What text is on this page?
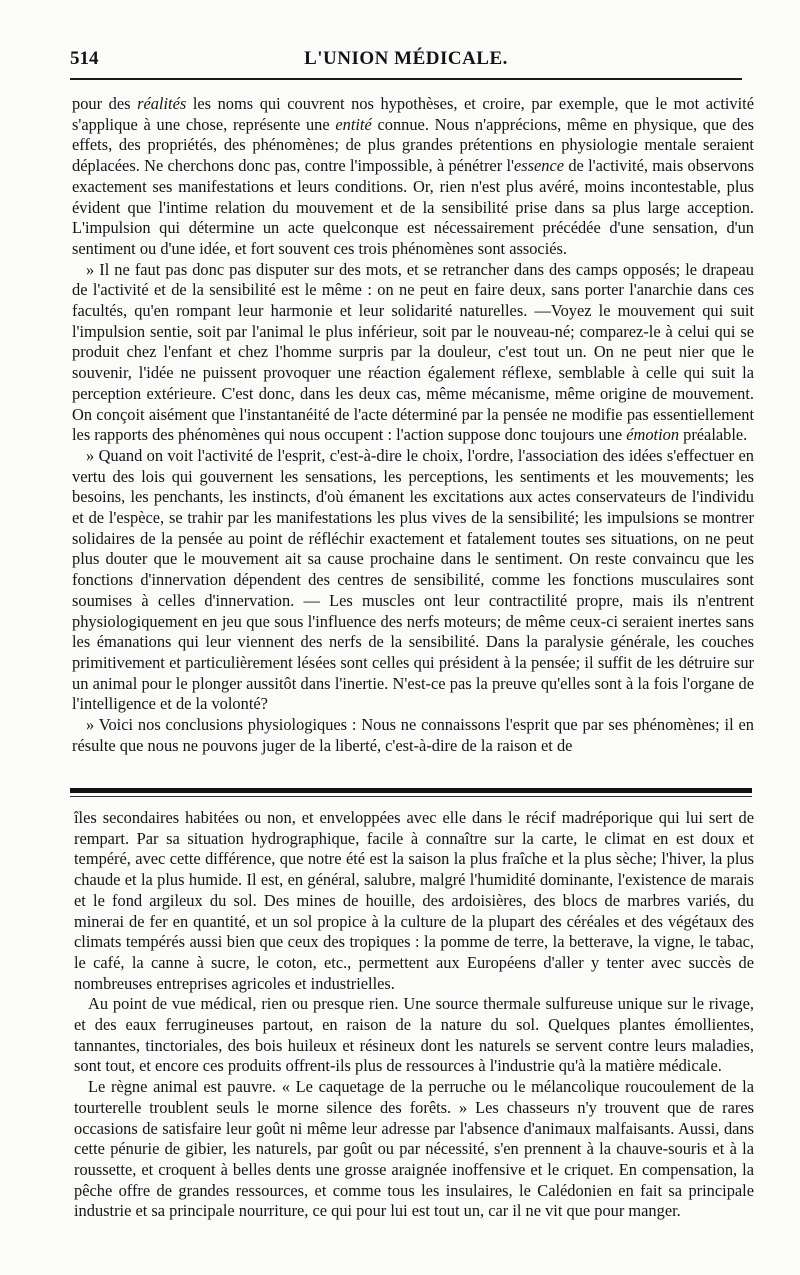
514	L'UNION MÉDICALE.

pour des réalités les noms qui couvrent nos hypothèses, et croire, par exemple, que le mot activité s'applique à une chose, représente une entité connue. Nous n'apprécions, même en physique, que des effets, des propriétés, des phénomènes; de plus grandes prétentions en physiologie mentale seraient déplacées. Ne cherchons donc pas, contre l'impossible, à pénétrer l'essence de l'activité, mais observons exactement ses manifestations et leurs conditions. Or, rien n'est plus avéré, moins incontestable, plus évident que l'intime relation du mouvement et de la sensibilité prise dans sa plus large acception. L'impulsion qui détermine un acte quelconque est nécessairement précédée d'une sensation, d'un sentiment ou d'une idée, et fort souvent ces trois phénomènes sont associés.

» Il ne faut pas donc pas disputer sur des mots, et se retrancher dans des camps opposés; le drapeau de l'activité et de la sensibilité est le même : on ne peut en faire deux, sans porter l'anarchie dans ces facultés, qu'en rompant leur harmonie et leur solidarité naturelles. —Voyez le mouvement qui suit l'impulsion sentie, soit par l'animal le plus inférieur, soit par le nouveau-né; comparez-le à celui qui se produit chez l'enfant et chez l'homme surpris par la douleur, c'est tout un. On ne peut nier que le souvenir, l'idée ne puissent provoquer une réaction également réflexe, semblable à celle qui suit la perception extérieure. C'est donc, dans les deux cas, même mécanisme, même origine de mouvement. On conçoit aisément que l'instantanéité de l'acte déterminé par la pensée ne modifie pas essentiellement les rapports des phénomènes qui nous occupent : l'action suppose donc toujours une émotion préalable.

» Quand on voit l'activité de l'esprit, c'est-à-dire le choix, l'ordre, l'association des idées s'effectuer en vertu des lois qui gouvernent les sensations, les perceptions, les sentiments et les mouvements; les besoins, les penchants, les instincts, d'où émanent les excitations aux actes conservateurs de l'individu et de l'espèce, se trahir par les manifestations les plus vives de la sensibilité; les impulsions se montrer solidaires de la pensée au point de réfléchir exactement et fatalement toutes ses situations, on ne peut plus douter que le mouvement ait sa cause prochaine dans le sentiment. On reste convaincu que les fonctions d'innervation dépendent des centres de sensibilité, comme les fonctions musculaires sont soumises à celles d'innervation. — Les muscles ont leur contractilité propre, mais ils n'entrent physiologiquement en jeu que sous l'influence des nerfs moteurs; de même ceux-ci seraient inertes sans les émanations qui leur viennent des nerfs de la sensibilité. Dans la paralysie générale, les couches primitivement et particulièrement lésées sont celles qui président à la pensée; il suffit de les détruire sur un animal pour le plonger aussitôt dans l'inertie. N'est-ce pas la preuve qu'elles sont à la fois l'organe de l'intelligence et de la volonté?

» Voici nos conclusions physiologiques : Nous ne connaissons l'esprit que par ses phénomènes; il en résulte que nous ne pouvons juger de la liberté, c'est-à-dire de la raison et de

îles secondaires habitées ou non, et enveloppées avec elle dans le récif madréporique qui lui sert de rempart. Par sa situation hydrographique, facile à connaître sur la carte, le climat en est doux et tempéré, avec cette différence, que notre été est la saison la plus fraîche et la plus sèche; l'hiver, la plus chaude et la plus humide. Il est, en général, salubre, malgré l'humidité dominante, l'existence de marais et le fond argileux du sol. Des mines de houille, des ardoisières, des blocs de marbres variés, du minerai de fer en quantité, et un sol propice à la culture de la plupart des céréales et des végétaux des climats tempérés aussi bien que ceux des tropiques : la pomme de terre, la betterave, la vigne, le tabac, le café, la canne à sucre, le coton, etc., permettent aux Européens d'aller y tenter avec succès de nombreuses entreprises agricoles et industrielles.

Au point de vue médical, rien ou presque rien. Une source thermale sulfureuse unique sur le rivage, et des eaux ferrugineuses partout, en raison de la nature du sol. Quelques plantes émollientes, tannantes, tinctoriales, des bois huileux et résineux dont les naturels se servent contre leurs maladies, sont tout, et encore ces produits offrent-ils plus de ressources à l'industrie qu'à la matière médicale.

Le règne animal est pauvre. « Le caquetage de la perruche ou le mélancolique roucoulement de la tourterelle troublent seuls le morne silence des forêts. » Les chasseurs n'y trouvent que de rares occasions de satisfaire leur goût ni même leur adresse par l'absence d'animaux malfaisants. Aussi, dans cette pénurie de gibier, les naturels, par goût ou par nécessité, s'en prennent à la chauve-souris et à la roussette, et croquent à belles dents une grosse araignée inoffensive et le criquet. En compensation, la pêche offre de grandes ressources, et comme tous les insulaires, le Calédonien en fait sa principale industrie et sa principale nourriture, ce qui pour lui est tout un, car il ne vit que pour manger.
